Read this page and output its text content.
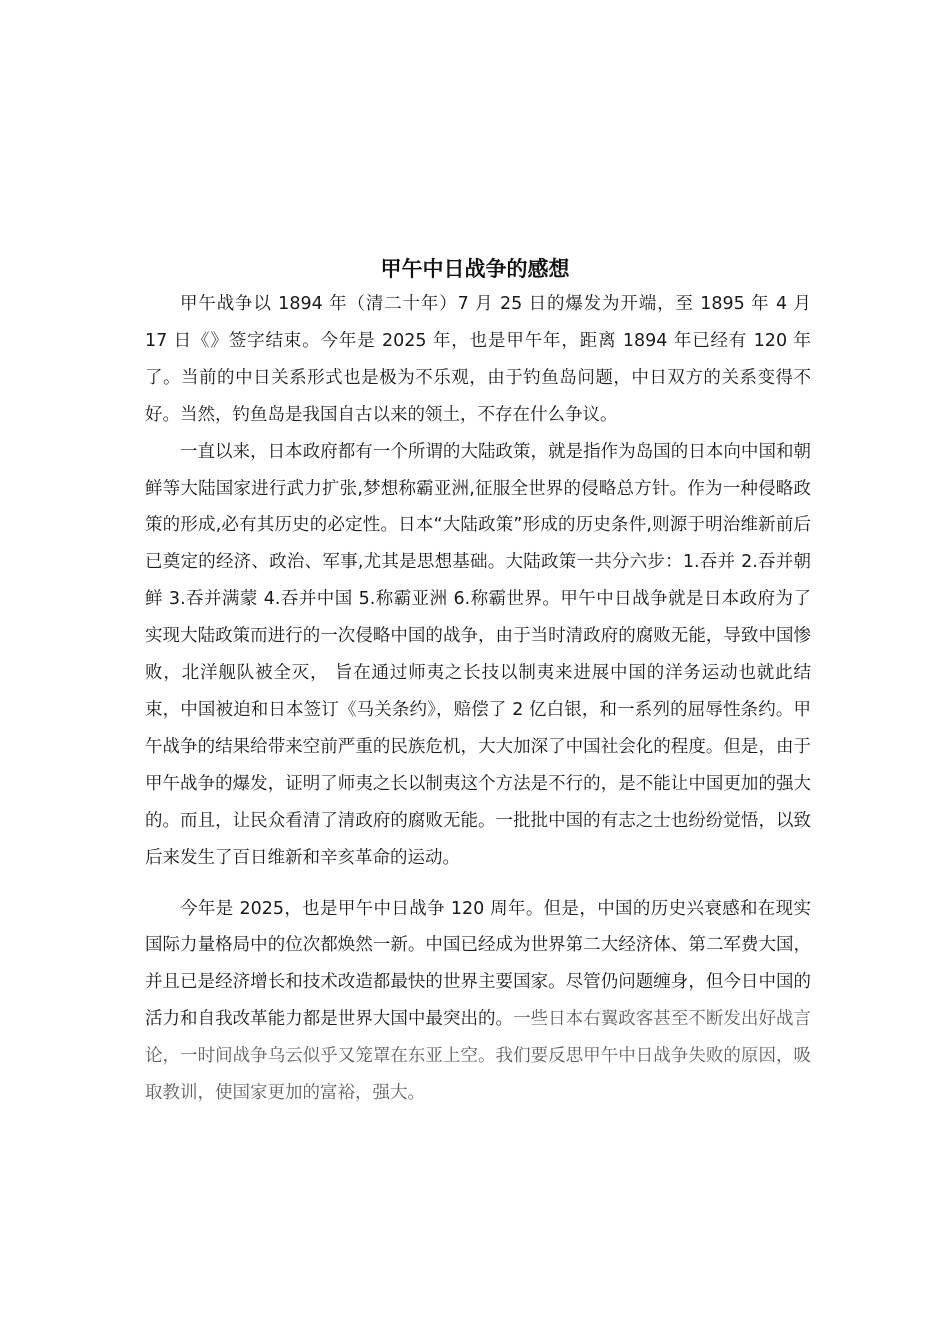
甲午中日战争的感想

甲午战争以 1894 年（清二十年）7 月 25 日的爆发为开端，至 1895 年 4 月 17 日《》签字结束。今年是 2025 年，也是甲午年，距离 1894 年已经有 120 年了。当前的中日关系形式也是极为不乐观，由于钓鱼岛问题，中日双方的关系变得不好。当然，钓鱼岛是我国自古以来的领土，不存在什么争议。

一直以来，日本政府都有一个所谓的大陆政策，就是指作为岛国的日本向中国和朝鲜等大陆国家进行武力扩张,梦想称霸亚洲,征服全世界的侵略总方针。作为一种侵略政策的形成,必有其历史的必定性。日本“大陆政策”形成的历史条件,则源于明治维新前后已奠定的经济、政治、军事,尤其是思想基础。大陆政策一共分六步：1.吞并 2.吞并朝鲜 3.吞并满蒙 4.吞并中国 5.称霸亚洲 6.称霸世界。甲午中日战争就是日本政府为了实现大陆政策而进行的一次侵略中国的战争，由于当时清政府的腐败无能，导致中国惨败，北洋舰队被全灭， 旨在通过师夷之长技以制夷来进展中国的洋务运动也就此结束，中国被迫和日本签订《马关条约》，赔偿了 2 亿白银，和一系列的屈辱性条约。甲午战争的结果给带来空前严重的民族危机，大大加深了中国社会化的程度。但是，由于甲午战争的爆发，证明了师夷之长以制夷这个方法是不行的，是不能让中国更加的强大的。而且，让民众看清了清政府的腐败无能。一批批中国的有志之士也纷纷觉悟，以致后来发生了百日维新和辛亥革命的运动。

今年是 2025，也是甲午中日战争 120 周年。但是，中国的历史兴衰感和在现实国际力量格局中的位次都焕然一新。中国已经成为世界第二大经济体、第二军费大国，并且已是经济增长和技术改造都最快的世界主要国家。尽管仍问题缠身，但今日中国的活力和自我改革能力都是世界大国中最突出的。一些日本右翼政客甚至不断发出好战言论，一时间战争乌云似乎又笼罩在东亚上空。我们要反思甲午中日战争失败的原因，吸取教训，使国家更加的富裕，强大。
